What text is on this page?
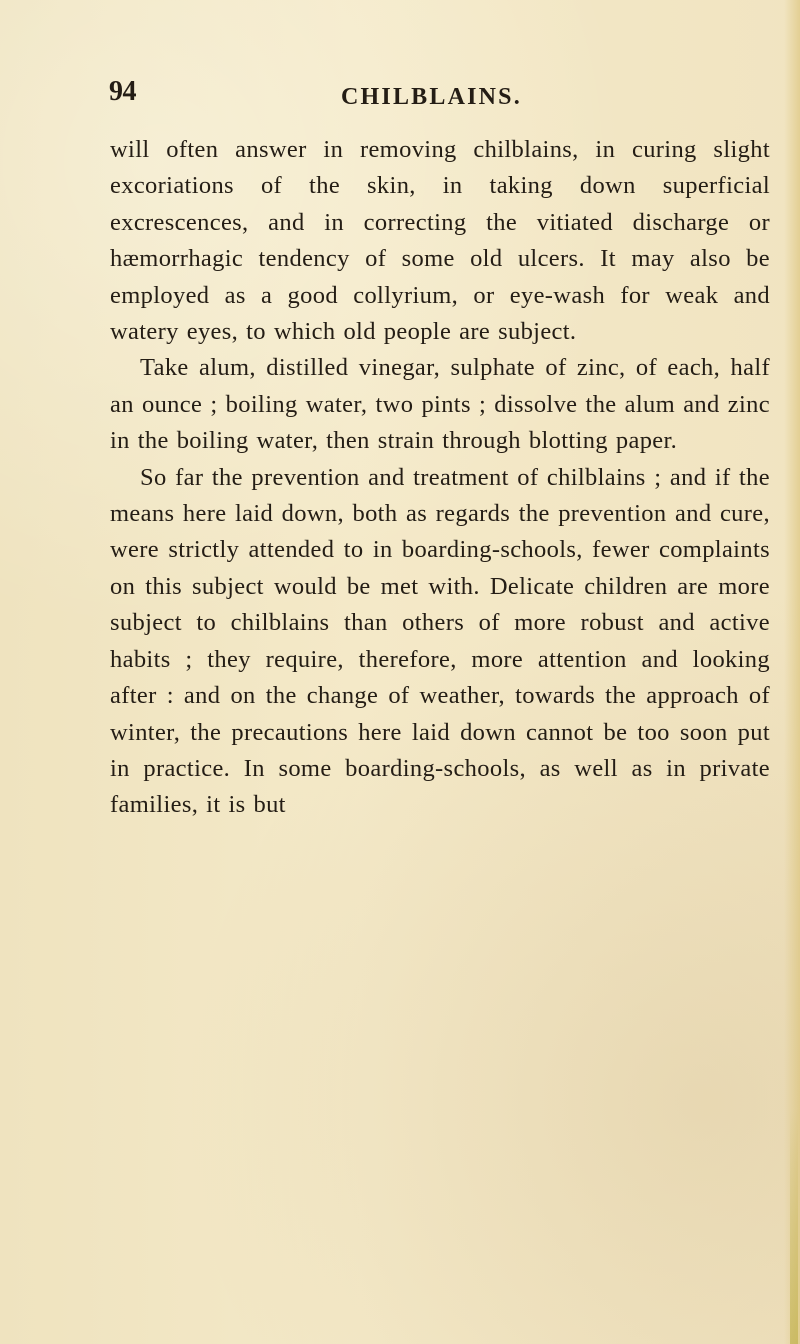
94	CHILBLAINS.

will often answer in removing chilblains, in curing slight excoriations of the skin, in taking down superficial excrescences, and in correcting the vitiated discharge or hæmorrhagic tendency of some old ulcers. It may also be employed as a good collyrium, or eye-wash for weak and watery eyes, to which old people are subject.

Take alum, distilled vinegar, sulphate of zinc, of each, half an ounce ; boiling water, two pints ; dissolve the alum and zinc in the boiling water, then strain through blotting paper.

So far the prevention and treatment of chilblains ; and if the means here laid down, both as regards the prevention and cure, were strictly attended to in boarding-schools, fewer complaints on this subject would be met with. Delicate children are more subject to chilblains than others of more robust and active habits ; they require, therefore, more attention and looking after : and on the change of weather, towards the approach of winter, the precautions here laid down cannot be too soon put in practice. In some boarding-schools, as well as in private families, it is but
